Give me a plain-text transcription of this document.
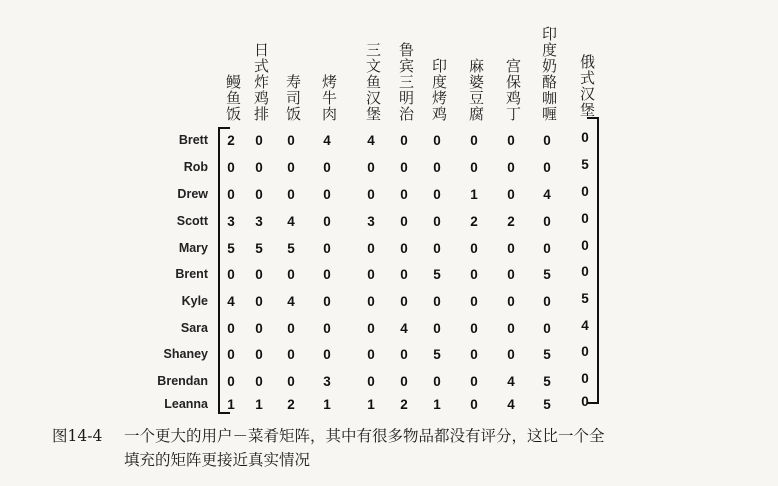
鳗鱼饭 日式炸鸡排 寿司饭 烤牛肉 三文鱼汉堡 鲁宾三明治 印度烤鸡 麻婆豆腐 宫保鸡丁 印度奶酪咖喱 俄式汉堡
Brett	2	0	0	4	4	0	0	0	0	0	0
Rob	0	0	0	0	0	0	0	0	0	0	5
Drew	0	0	0	0	0	0	0	1	0	4	0
Scott	3	3	4	0	3	0	0	2	2	0	0
Mary	5	5	5	0	0	0	0	0	0	0	0
Brent	0	0	0	0	0	0	5	0	0	5	0
Kyle	4	0	4	0	0	0	0	0	0	0	5
Sara	0	0	0	0	0	4	0	0	0	0	4
Shaney	0	0	0	0	0	0	5	0	0	5	0
Brendan	0	0	0	3	0	0	0	0	4	5	0
Leanna	1	1	2	1	1	2	1	0	4	5	0
图14-4 一个更大的用户－菜肴矩阵，其中有很多物品都没有评分，这比一个全
填充的矩阵更接近真实情况
